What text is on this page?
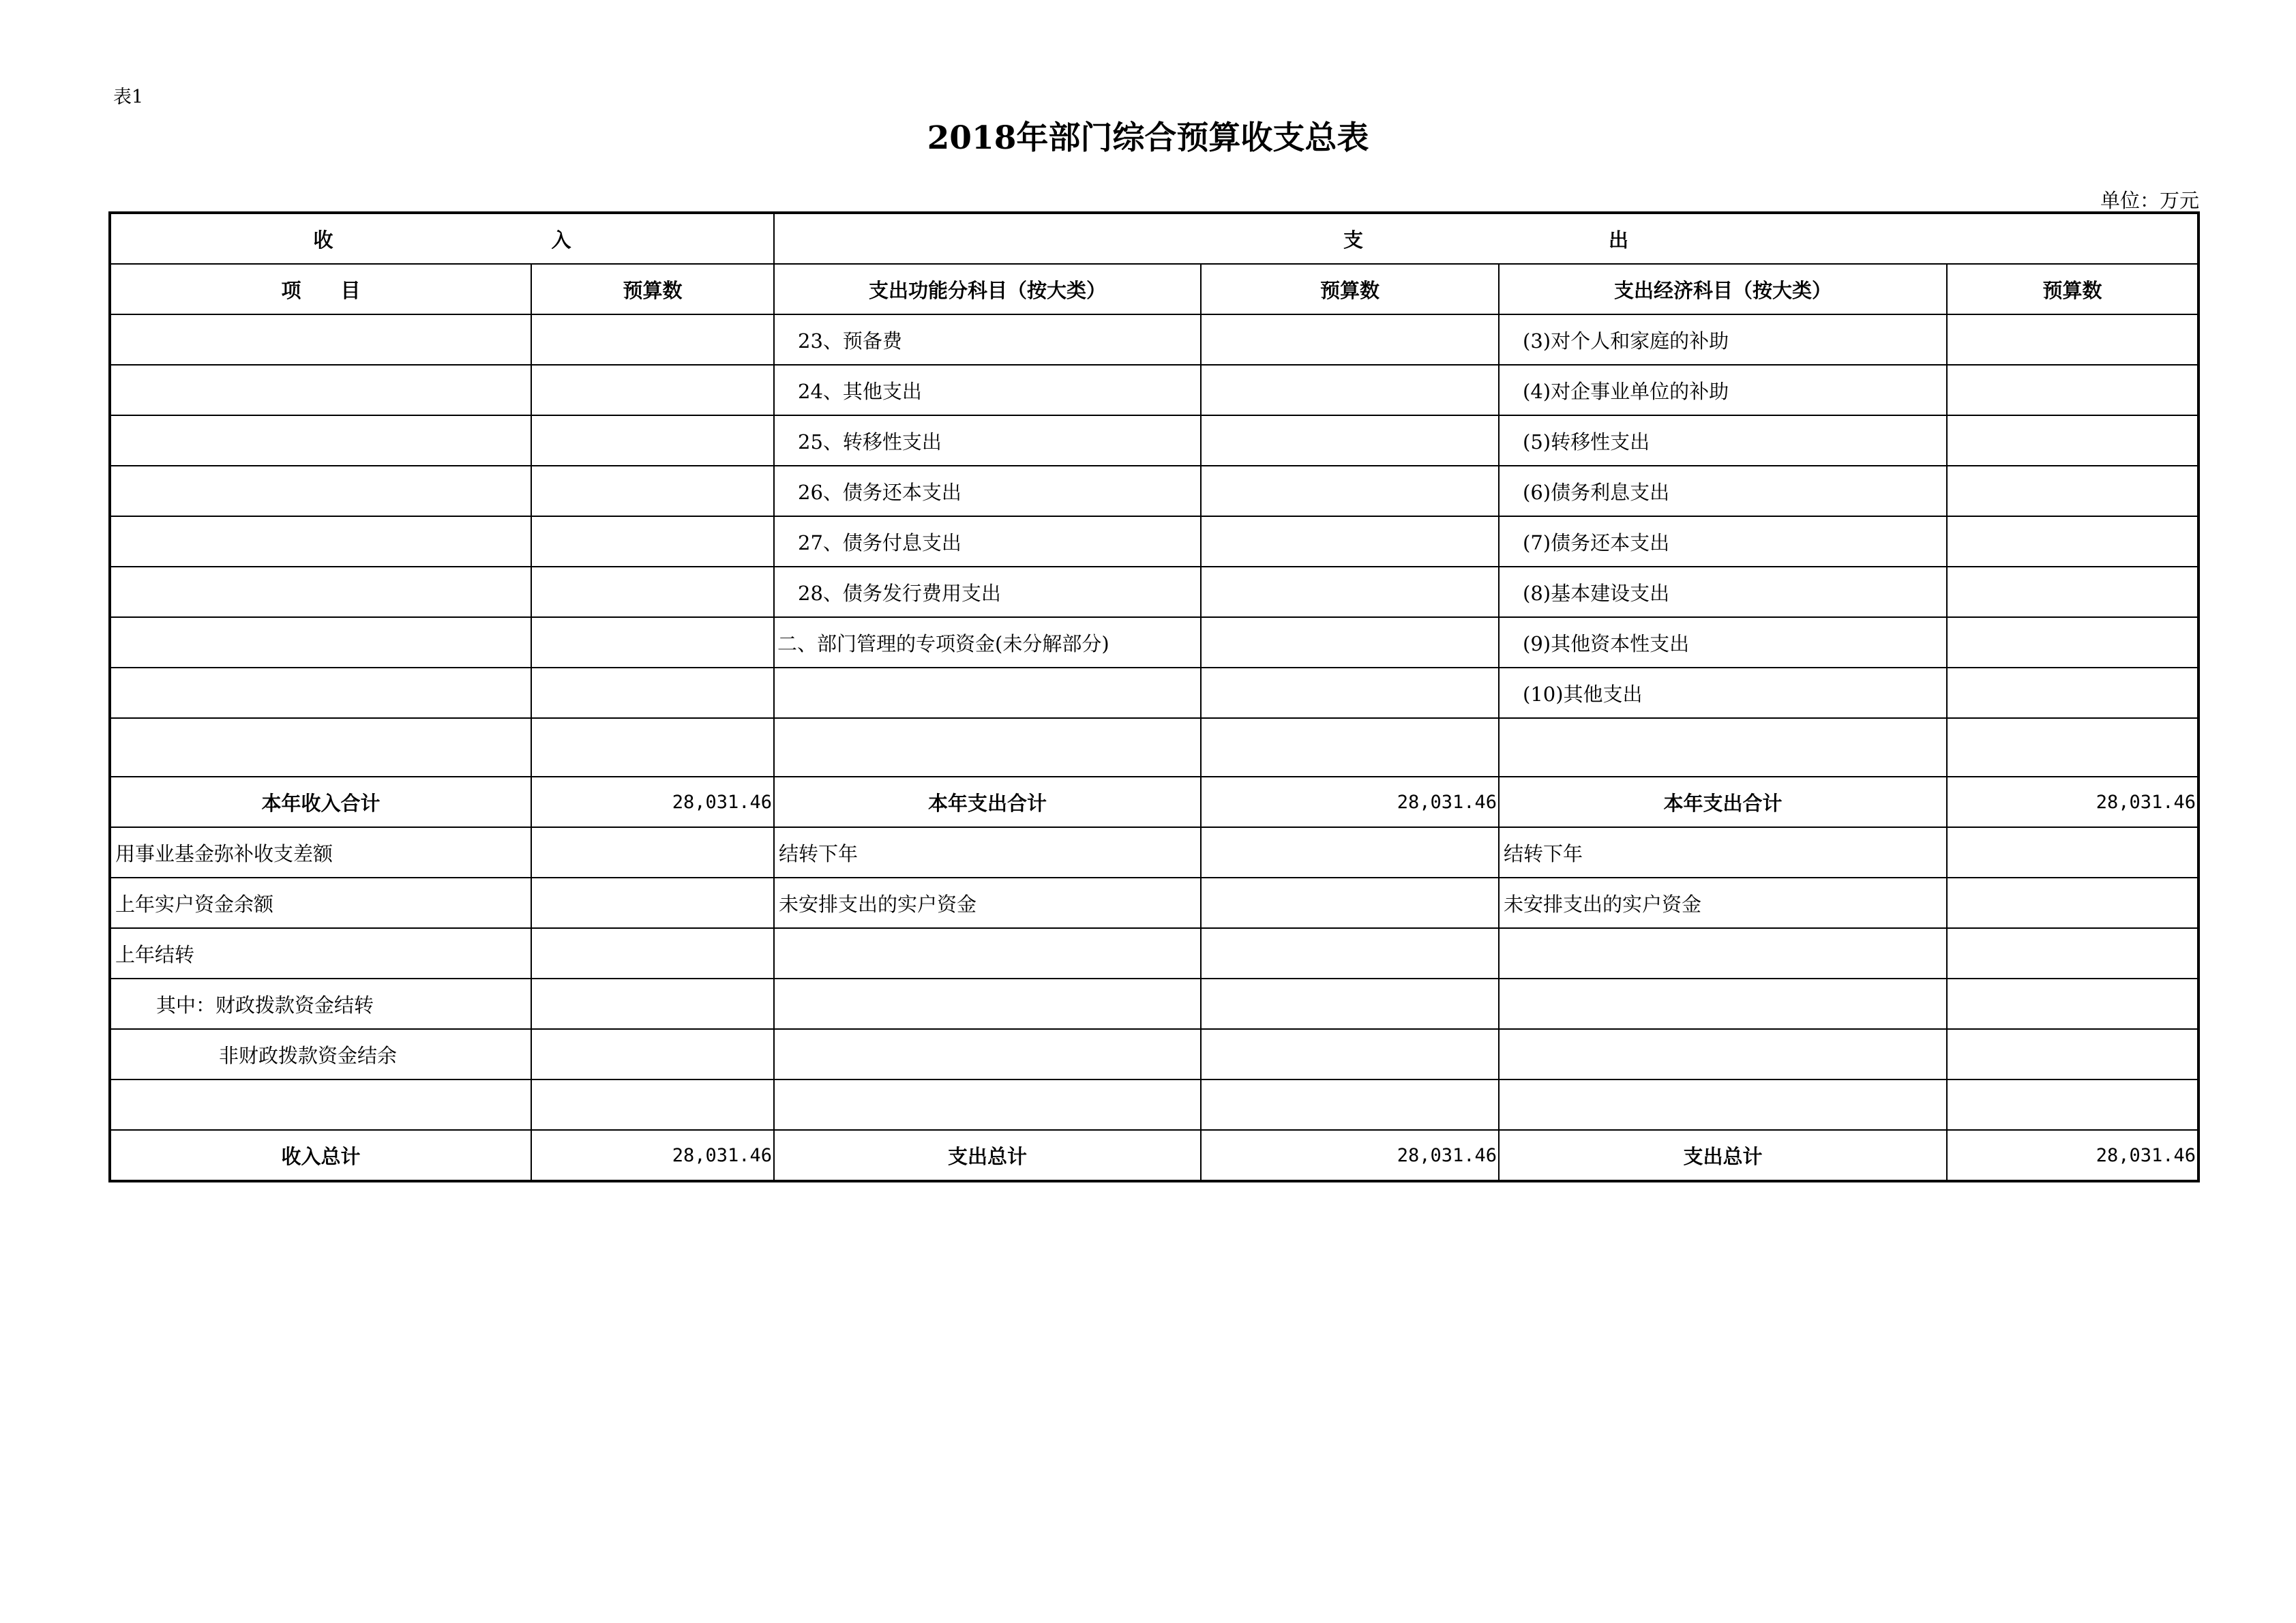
表1
2018年部门综合预算收支总表
单位：万元
收 入		支 出			
项　　目	预算数	支出功能分科目（按大类）	预算数	支出经济科目（按大类）	预算数
		23、预备费		(3)对个人和家庭的补助	
		24、其他支出		(4)对企事业单位的补助	
		25、转移性支出		(5)转移性支出	
		26、债务还本支出		(6)债务利息支出	
		27、债务付息支出		(7)债务还本支出	
		28、债务发行费用支出		(8)基本建设支出	
		二、部门管理的专项资金(未分解部分)		(9)其他资本性支出	
				(10)其他支出	

本年收入合计	28,031.46	本年支出合计	28,031.46	本年支出合计	28,031.46
用事业基金弥补收支差额		结转下年		结转下年	
上年实户资金余额		未安排支出的实户资金		未安排支出的实户资金	
上年结转					
其中：财政拨款资金结转					
非财政拨款资金结余					

收入总计	28,031.46	支出总计	28,031.46	支出总计	28,031.46
